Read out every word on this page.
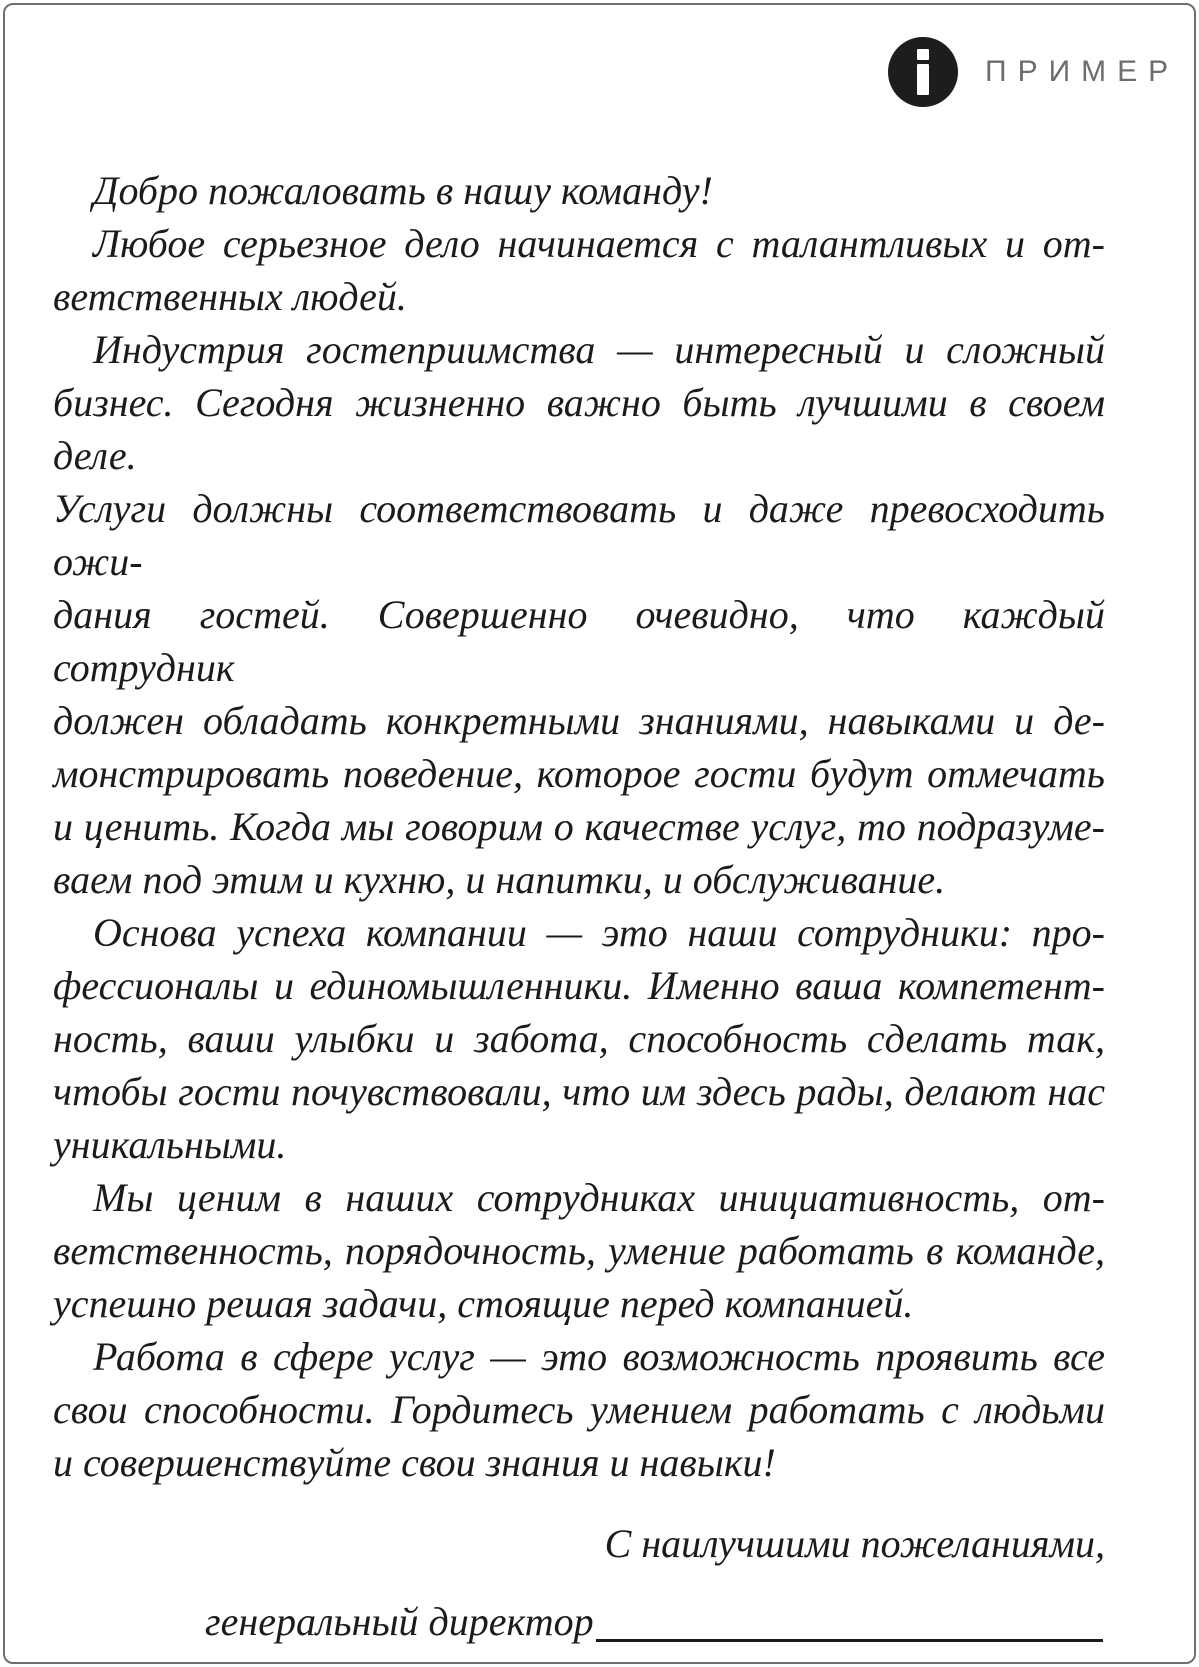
ПРИМЕР
Добро пожаловать в нашу команду!
Любое серьезное дело начинается с талантливых и от-
ветственных людей.
Индустрия гостеприимства — интересный и сложный
бизнес. Сегодня жизненно важно быть лучшими в своем деле.
Услуги должны соответствовать и даже превосходить ожи-
дания гостей. Совершенно очевидно, что каждый сотрудник
должен обладать конкретными знаниями, навыками и де-
монстрировать поведение, которое гости будут отмечать
и ценить. Когда мы говорим о качестве услуг, то подразуме-
ваем под этим и кухню, и напитки, и обслуживание.
Основа успеха компании — это наши сотрудники: про-
фессионалы и единомышленники. Именно ваша компетент-
ность, ваши улыбки и забота, способность сделать так,
чтобы гости почувствовали, что им здесь рады, делают нас
уникальными.
Мы ценим в наших сотрудниках инициативность, от-
ветственность, порядочность, умение работать в команде,
успешно решая задачи, стоящие перед компанией.
Работа в сфере услуг — это возможность проявить все
свои способности. Гордитесь умением работать с людьми
и совершенствуйте свои знания и навыки!
С наилучшими пожеланиями,
генеральный директор
